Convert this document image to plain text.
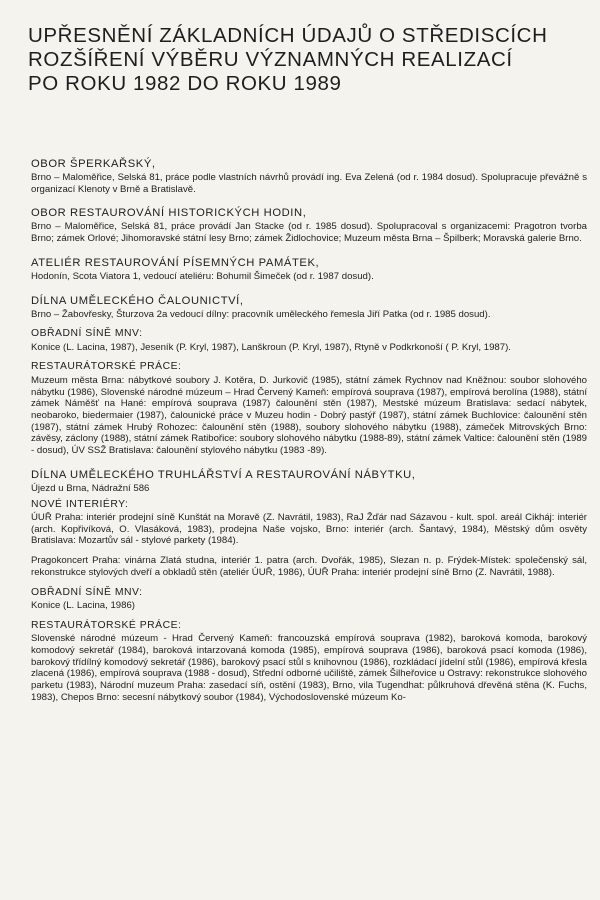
UPŘESNĚNÍ ZÁKLADNÍCH ÚDAJŮ O STŘEDISCÍCH
ROZŠÍŘENÍ VÝBĚRU VÝZNAMNÝCH REALIZACÍ
PO ROKU 1982 DO ROKU 1989
OBOR ŠPERKAŘSKÝ,

Brno – Maloměřice, Selská 81, práce podle vlastních návrhů provádí ing. Eva Zelená (od r. 1984 dosud). Spolupracuje převážně s organizací Klenoty v Brně a Bratislavě.

OBOR RESTAUROVÁNÍ HISTORICKÝCH HODIN,

Brno – Maloměřice, Selská 81, práce provádí Jan Stacke (od r. 1985 dosud). Spolupracoval s organizacemi: Pragotron tvorba Brno; zámek Orlové; Jihomoravské státní lesy Brno; zámek Židlochovice; Muzeum města Brna – Špilberk; Moravská galerie Brno.

ATELIÉR RESTAUROVÁNÍ PÍSEMNÝCH PAMÁTEK,

Hodonín, Scota Viatora 1, vedoucí ateliéru: Bohumil Šimeček (od r. 1987 dosud).

DÍLNA UMĚLECKÉHO ČALOUNICTVÍ,

Brno – Žabovřesky, Šturzova 2a vedoucí dílny: pracovník uměleckého řemesla Jiří Patka (od r. 1985 dosud).

OBŘADNÍ SÍNĚ MNV:

Konice (L. Lacina, 1987), Jeseník (P. Kryl, 1987), Lanškroun (P. Kryl, 1987), Rtyně v Podkrkonoší ( P. Kryl, 1987).

RESTAURÁTORSKÉ PRÁCE:

Muzeum města Brna: nábytkové soubory J. Kotěra, D. Jurkovič (1985), státní zámek Rychnov nad Kněžnou: soubor slohového nábytku (1986), Slovenské národné múzeum – Hrad Červený Kameň: empírová souprava (1987), empírová berolína (1988), státní zámek Náměšť na Hané: empírová souprava (1987) čalounění stěn (1987), Mestské múzeum Bratislava: sedací nábytek, neobaroko, biedermaier (1987), čalounické práce v Muzeu hodin - Dobrý pastýř (1987), státní zámek Buchlovice: čalounění stěn (1987), státní zámek Hrubý Rohozec: čalounění stěn (1988), soubory slohového nábytku (1988), zámeček Mitrovských Brno: závěsy, záclony (1988), státní zámek Ratibořice: soubory slohového nábytku (1988-89), státní zámek Valtice: čalounění stěn (1989 - dosud), ÚV SSŽ Bratislava: čalounění stylového nábytku (1983 -89).

DÍLNA UMĚLECKÉHO TRUHLÁŘSTVÍ A RESTAUROVÁNÍ NÁBYTKU,

Újezd u Brna, Nádražní 586

NOVÉ INTERIÉRY:

ÚUŘ Praha: interiér prodejní síně Kunštát na Moravě (Z. Navrátil, 1983), RaJ Žďár nad Sázavou - kult. spol. areál Cikháj: interiér (arch. Kopřivíková, O. Vlasáková, 1983), prodejna Naše vojsko, Brno: interiér (arch. Šantavý, 1984), Městský dům osvěty Bratislava: Mozartův sál - stylové parkety (1984).

Pragokoncert Praha: vinárna Zlatá studna, interiér 1. patra (arch. Dvořák, 1985), Slezan n. p. Frýdek-Místek: společenský sál, rekonstrukce stylových dveří a obkladů stěn (ateliér ÚUŘ, 1986), ÚUŘ Praha: interiér prodejní síně Brno (Z. Navrátil, 1988).

OBŘADNÍ SÍNĚ MNV:

Konice (L. Lacina, 1986)

RESTAURÁTORSKÉ PRÁCE:

Slovenské národné múzeum - Hrad Červený Kameň: francouzská empírová souprava (1982), baroková komoda, barokový komodový sekretář (1984), baroková intarzovaná komoda (1985), empírová souprava (1986), baroková psací komoda (1986), barokový třídílný komodový sekretář (1986), barokový psací stůl s knihovnou (1986), rozkládací jídelní stůl (1986), empírová křesla zlacená (1986), empírová souprava (1988 - dosud), Střední odborné učiliště, zámek Šilheřovice u Ostravy: rekonstrukce slohového parketu (1983), Národní muzeum Praha: zasedací síň, ostění (1983), Brno, vila Tugendhat: půlkruhová dřevěná stěna (K. Fuchs, 1983), Chepos Brno: secesní nábytkový soubor (1984), Východoslovenské múzeum Ko-
